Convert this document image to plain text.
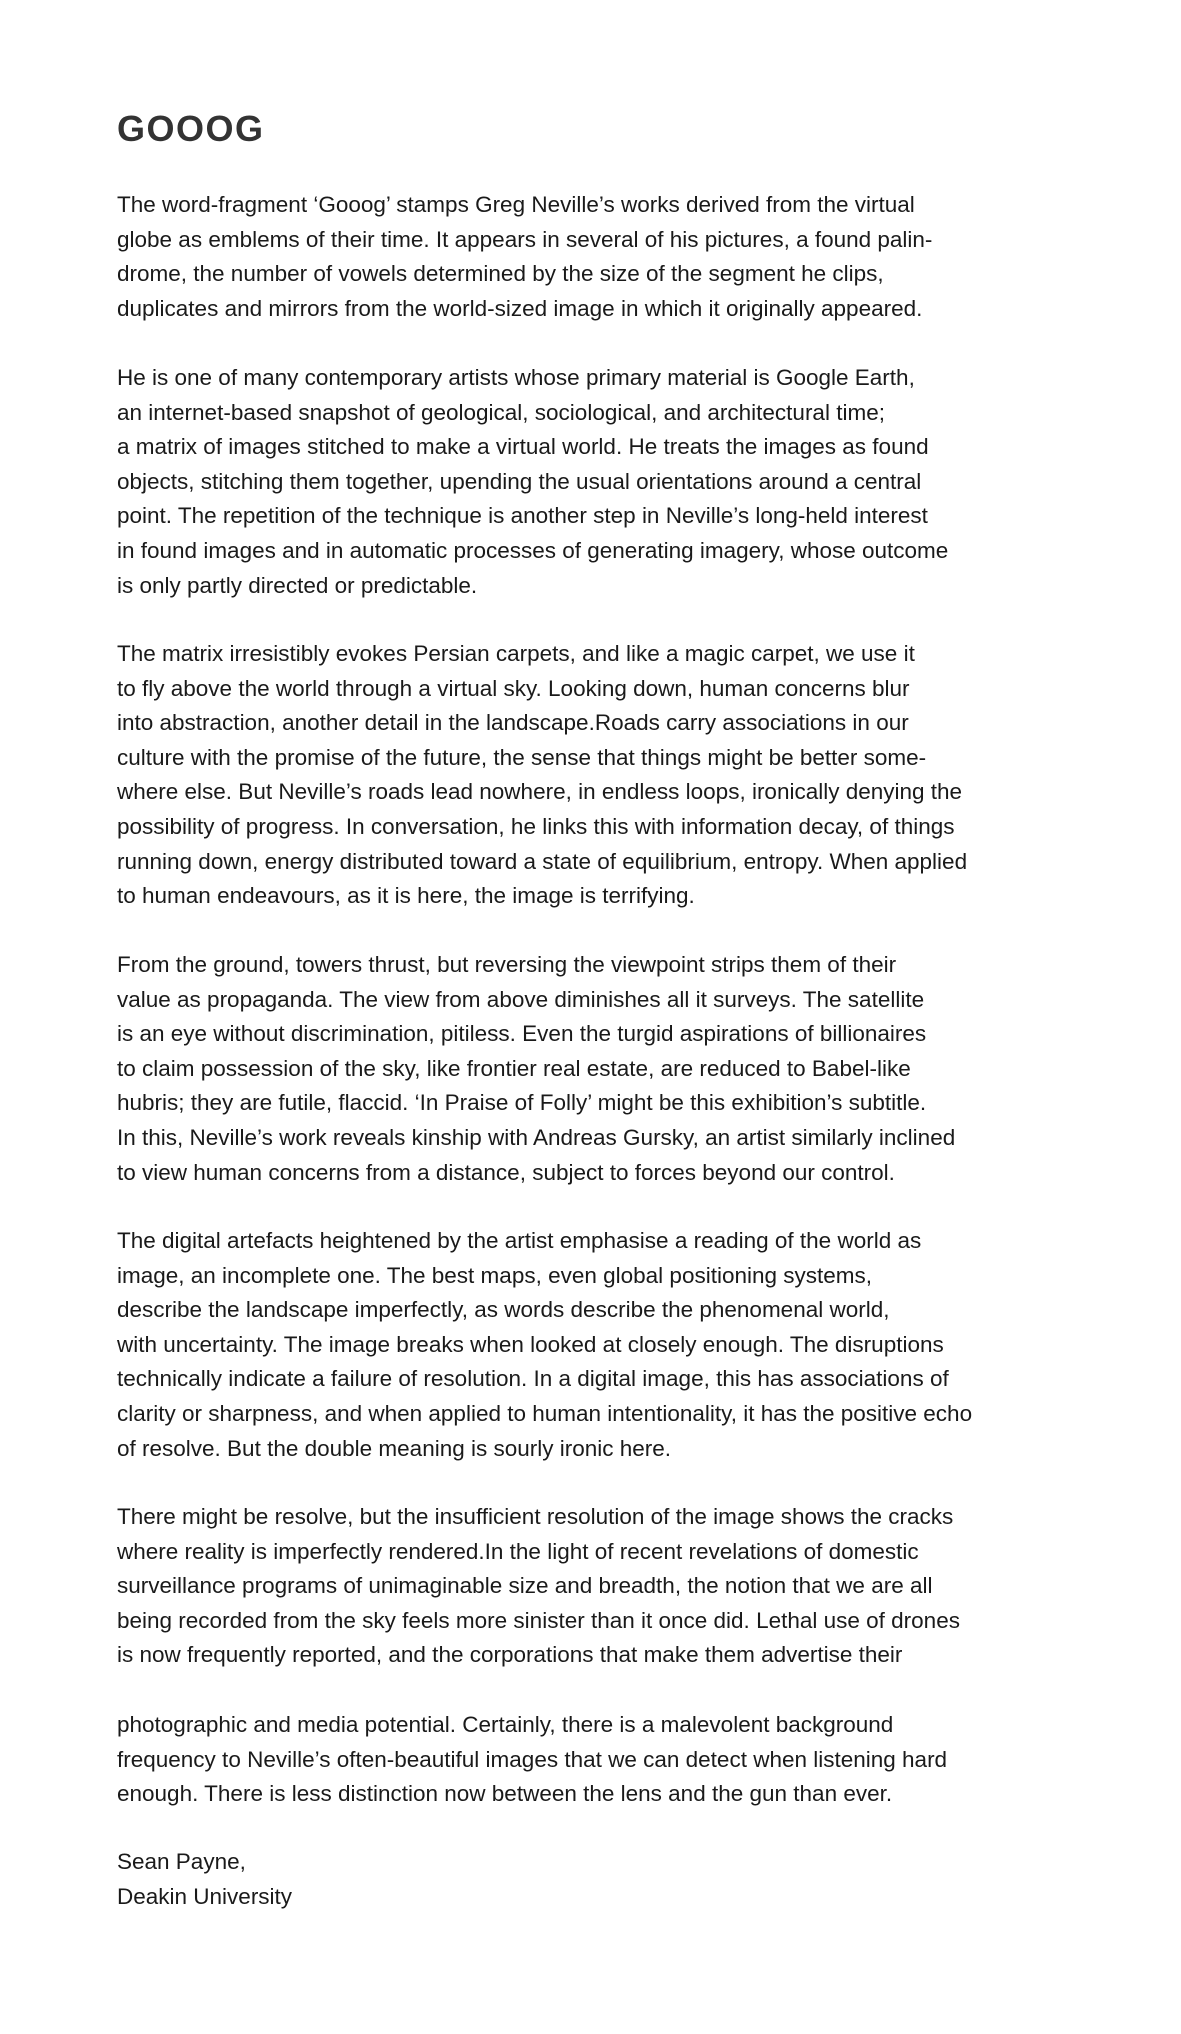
GOOOG

The word-fragment ‘Gooog’ stamps Greg Neville’s works derived from the virtual
globe as emblems of their time. It appears in several of his pictures, a found palin-
drome, the number of vowels determined by the size of the segment he clips,
duplicates and mirrors from the world-sized image in which it originally appeared.

He is one of many contemporary artists whose primary material is Google Earth,
an internet-based snapshot of geological, sociological, and architectural time;
a matrix of images stitched to make a virtual world. He treats the images as found
objects, stitching them together, upending the usual orientations around a central
point. The repetition of the technique is another step in Neville’s long-held interest
in found images and in automatic processes of generating imagery, whose outcome
is only partly directed or predictable.

The matrix irresistibly evokes Persian carpets, and like a magic carpet, we use it
to fly above the world through a virtual sky. Looking down, human concerns blur
into abstraction, another detail in the landscape.Roads carry associations in our
culture with the promise of the future, the sense that things might be better some-
where else. But Neville’s roads lead nowhere, in endless loops, ironically denying the
possibility of progress. In conversation, he links this with information decay, of things
running down, energy distributed toward a state of equilibrium, entropy. When applied
to human endeavours, as it is here, the image is terrifying.

From the ground, towers thrust, but reversing the viewpoint strips them of their
value as propaganda. The view from above diminishes all it surveys. The satellite
is an eye without discrimination, pitiless. Even the turgid aspirations of billionaires
to claim possession of the sky, like frontier real estate, are reduced to Babel-like
hubris; they are futile, flaccid. ‘In Praise of Folly’ might be this exhibition’s subtitle.
In this, Neville’s work reveals kinship with Andreas Gursky, an artist similarly inclined
to view human concerns from a distance, subject to forces beyond our control.

The digital artefacts heightened by the artist emphasise a reading of the world as
image, an incomplete one. The best maps, even global positioning systems,
describe the landscape imperfectly, as words describe the phenomenal world,
with uncertainty. The image breaks when looked at closely enough. The disruptions
technically indicate a failure of resolution. In a digital image, this has associations of
clarity or sharpness, and when applied to human intentionality, it has the positive echo
of resolve. But the double meaning is sourly ironic here.

There might be resolve, but the insufficient resolution of the image shows the cracks
where reality is imperfectly rendered.In the light of recent revelations of domestic
surveillance programs of unimaginable size and breadth, the notion that we are all
being recorded from the sky feels more sinister than it once did. Lethal use of drones
is now frequently reported, and the corporations that make them advertise their

photographic and media potential. Certainly, there is a malevolent background
frequency to Neville’s often-beautiful images that we can detect when listening hard
enough. There is less distinction now between the lens and the gun than ever.

Sean Payne,
Deakin University
